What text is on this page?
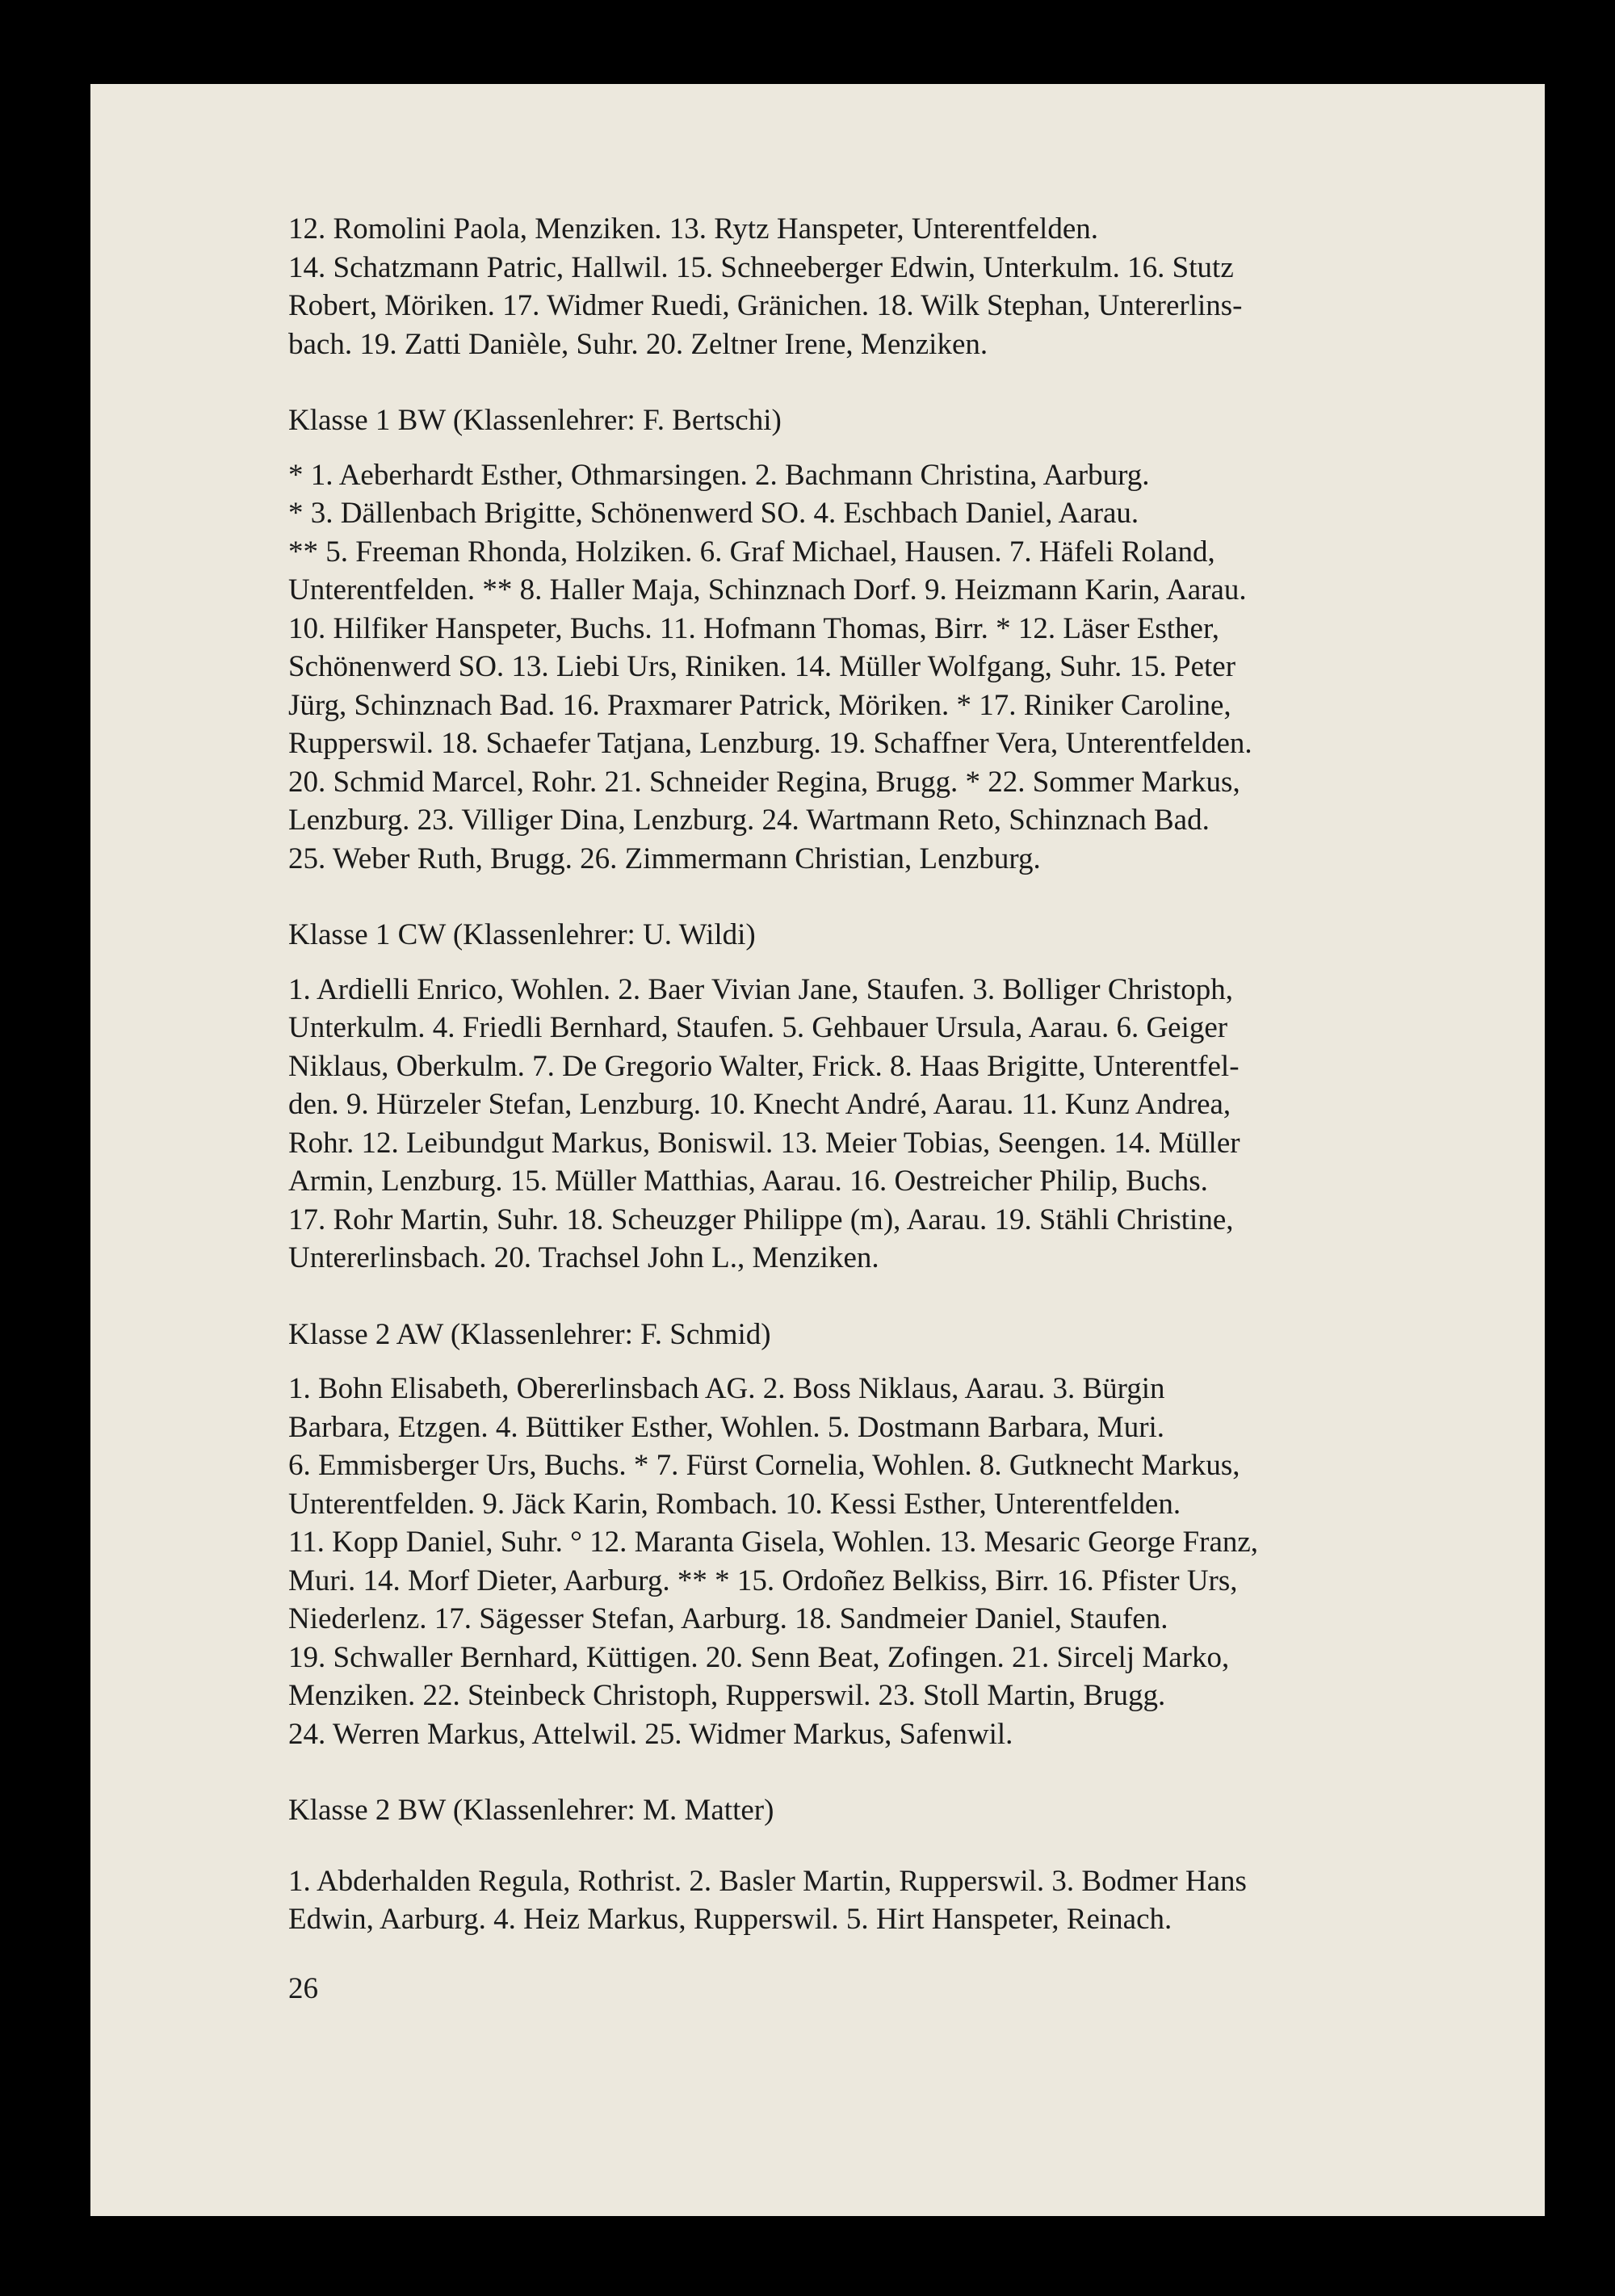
12. Romolini Paola, Menziken. 13. Rytz Hanspeter, Unterentfelden.
14. Schatzmann Patric, Hallwil. 15. Schneeberger Edwin, Unterkulm. 16. Stutz
Robert, Möriken. 17. Widmer Ruedi, Gränichen. 18. Wilk Stephan, Untererlins-
bach. 19. Zatti Danièle, Suhr. 20. Zeltner Irene, Menziken.
Klasse 1 BW (Klassenlehrer: F. Bertschi)
* 1. Aeberhardt Esther, Othmarsingen. 2. Bachmann Christina, Aarburg.
* 3. Dällenbach Brigitte, Schönenwerd SO. 4. Eschbach Daniel, Aarau.
** 5. Freeman Rhonda, Holziken. 6. Graf Michael, Hausen. 7. Häfeli Roland,
Unterentfelden. ** 8. Haller Maja, Schinznach Dorf. 9. Heizmann Karin, Aarau.
10. Hilfiker Hanspeter, Buchs. 11. Hofmann Thomas, Birr. * 12. Läser Esther,
Schönenwerd SO. 13. Liebi Urs, Riniken. 14. Müller Wolfgang, Suhr. 15. Peter
Jürg, Schinznach Bad. 16. Praxmarer Patrick, Möriken. * 17. Riniker Caroline,
Rupperswil. 18. Schaefer Tatjana, Lenzburg. 19. Schaffner Vera, Unterentfelden.
20. Schmid Marcel, Rohr. 21. Schneider Regina, Brugg. * 22. Sommer Markus,
Lenzburg. 23. Villiger Dina, Lenzburg. 24. Wartmann Reto, Schinznach Bad.
25. Weber Ruth, Brugg. 26. Zimmermann Christian, Lenzburg.
Klasse 1 CW (Klassenlehrer: U. Wildi)
1. Ardielli Enrico, Wohlen. 2. Baer Vivian Jane, Staufen. 3. Bolliger Christoph,
Unterkulm. 4. Friedli Bernhard, Staufen. 5. Gehbauer Ursula, Aarau. 6. Geiger
Niklaus, Oberkulm. 7. De Gregorio Walter, Frick. 8. Haas Brigitte, Unterentfel-
den. 9. Hürzeler Stefan, Lenzburg. 10. Knecht André, Aarau. 11. Kunz Andrea,
Rohr. 12. Leibundgut Markus, Boniswil. 13. Meier Tobias, Seengen. 14. Müller
Armin, Lenzburg. 15. Müller Matthias, Aarau. 16. Oestreicher Philip, Buchs.
17. Rohr Martin, Suhr. 18. Scheuzger Philippe (m), Aarau. 19. Stähli Christine,
Untererlinsbach. 20. Trachsel John L., Menziken.
Klasse 2 AW (Klassenlehrer: F. Schmid)
1. Bohn Elisabeth, Obererlinsbach AG. 2. Boss Niklaus, Aarau. 3. Bürgin
Barbara, Etzgen. 4. Büttiker Esther, Wohlen. 5. Dostmann Barbara, Muri.
6. Emmisberger Urs, Buchs. * 7. Fürst Cornelia, Wohlen. 8. Gutknecht Markus,
Unterentfelden. 9. Jäck Karin, Rombach. 10. Kessi Esther, Unterentfelden.
11. Kopp Daniel, Suhr. ° 12. Maranta Gisela, Wohlen. 13. Mesaric George Franz,
Muri. 14. Morf Dieter, Aarburg. ** * 15. Ordoñez Belkiss, Birr. 16. Pfister Urs,
Niederlenz. 17. Sägesser Stefan, Aarburg. 18. Sandmeier Daniel, Staufen.
19. Schwaller Bernhard, Küttigen. 20. Senn Beat, Zofingen. 21. Sircelj Marko,
Menziken. 22. Steinbeck Christoph, Rupperswil. 23. Stoll Martin, Brugg.
24. Werren Markus, Attelwil. 25. Widmer Markus, Safenwil.
Klasse 2 BW (Klassenlehrer: M. Matter)
1. Abderhalden Regula, Rothrist. 2. Basler Martin, Rupperswil. 3. Bodmer Hans
Edwin, Aarburg. 4. Heiz Markus, Rupperswil. 5. Hirt Hanspeter, Reinach.
26
